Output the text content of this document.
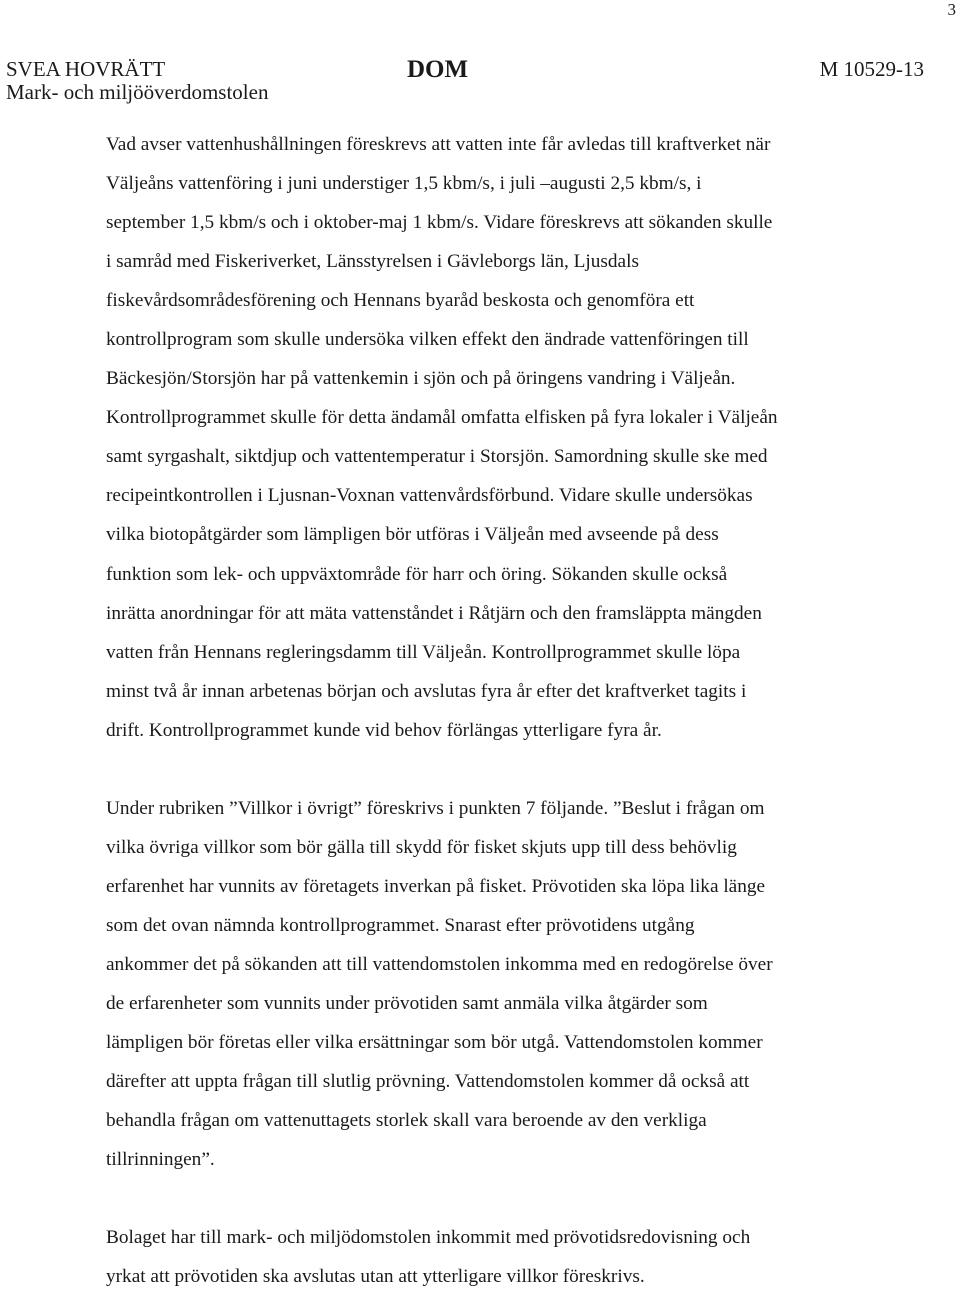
3
SVEA HOVRÄTT
Mark- och miljööverdomstolen
DOM	M 10529-13

Vad avser vattenhushållningen föreskrevs att vatten inte får avledas till kraftverket när
Väljeåns vattenföring i juni understiger 1,5 kbm/s, i juli –augusti 2,5 kbm/s, i
september 1,5 kbm/s och i oktober-maj 1 kbm/s. Vidare föreskrevs att sökanden skulle
i samråd med Fiskeriverket, Länsstyrelsen i Gävleborgs län, Ljusdals
fiskevårdsområdesförening och Hennans byaråd beskosta och genomföra ett
kontrollprogram som skulle undersöka vilken effekt den ändrade vattenföringen till
Bäckesjön/Storsjön har på vattenkemin i sjön och på öringens vandring i Väljeån.
Kontrollprogrammet skulle för detta ändamål omfatta elfisken på fyra lokaler i Väljeån
samt syrgashalt, siktdjup och vattentemperatur i Storsjön. Samordning skulle ske med
recipeintkontrollen i Ljusnan-Voxnan vattenvårdsförbund. Vidare skulle undersökas
vilka biotopåtgärder som lämpligen bör utföras i Väljeån med avseende på dess
funktion som lek- och uppväxtområde för harr och öring. Sökanden skulle också
inrätta anordningar för att mäta vattenståndet i Råtjärn och den framsläppta mängden
vatten från Hennans regleringsdamm till Väljeån. Kontrollprogrammet skulle löpa
minst två år innan arbetenas början och avslutas fyra år efter det kraftverket tagits i
drift. Kontrollprogrammet kunde vid behov förlängas ytterligare fyra år.

Under rubriken ”Villkor i övrigt” föreskrivs i punkten 7 följande. ”Beslut i frågan om
vilka övriga villkor som bör gälla till skydd för fisket skjuts upp till dess behövlig
erfarenhet har vunnits av företagets inverkan på fisket. Prövotiden ska löpa lika länge
som det ovan nämnda kontrollprogrammet. Snarast efter prövotidens utgång
ankommer det på sökanden att till vattendomstolen inkomma med en redogörelse över
de erfarenheter som vunnits under prövotiden samt anmäla vilka åtgärder som
lämpligen bör företas eller vilka ersättningar som bör utgå. Vattendomstolen kommer
därefter att uppta frågan till slutlig prövning. Vattendomstolen kommer då också att
behandla frågan om vattenuttagets storlek skall vara beroende av den verkliga
tillrinningen”.

Bolaget har till mark- och miljödomstolen inkommit med prövotidsredovisning och
yrkat att prövotiden ska avslutas utan att ytterligare villkor föreskrivs.
